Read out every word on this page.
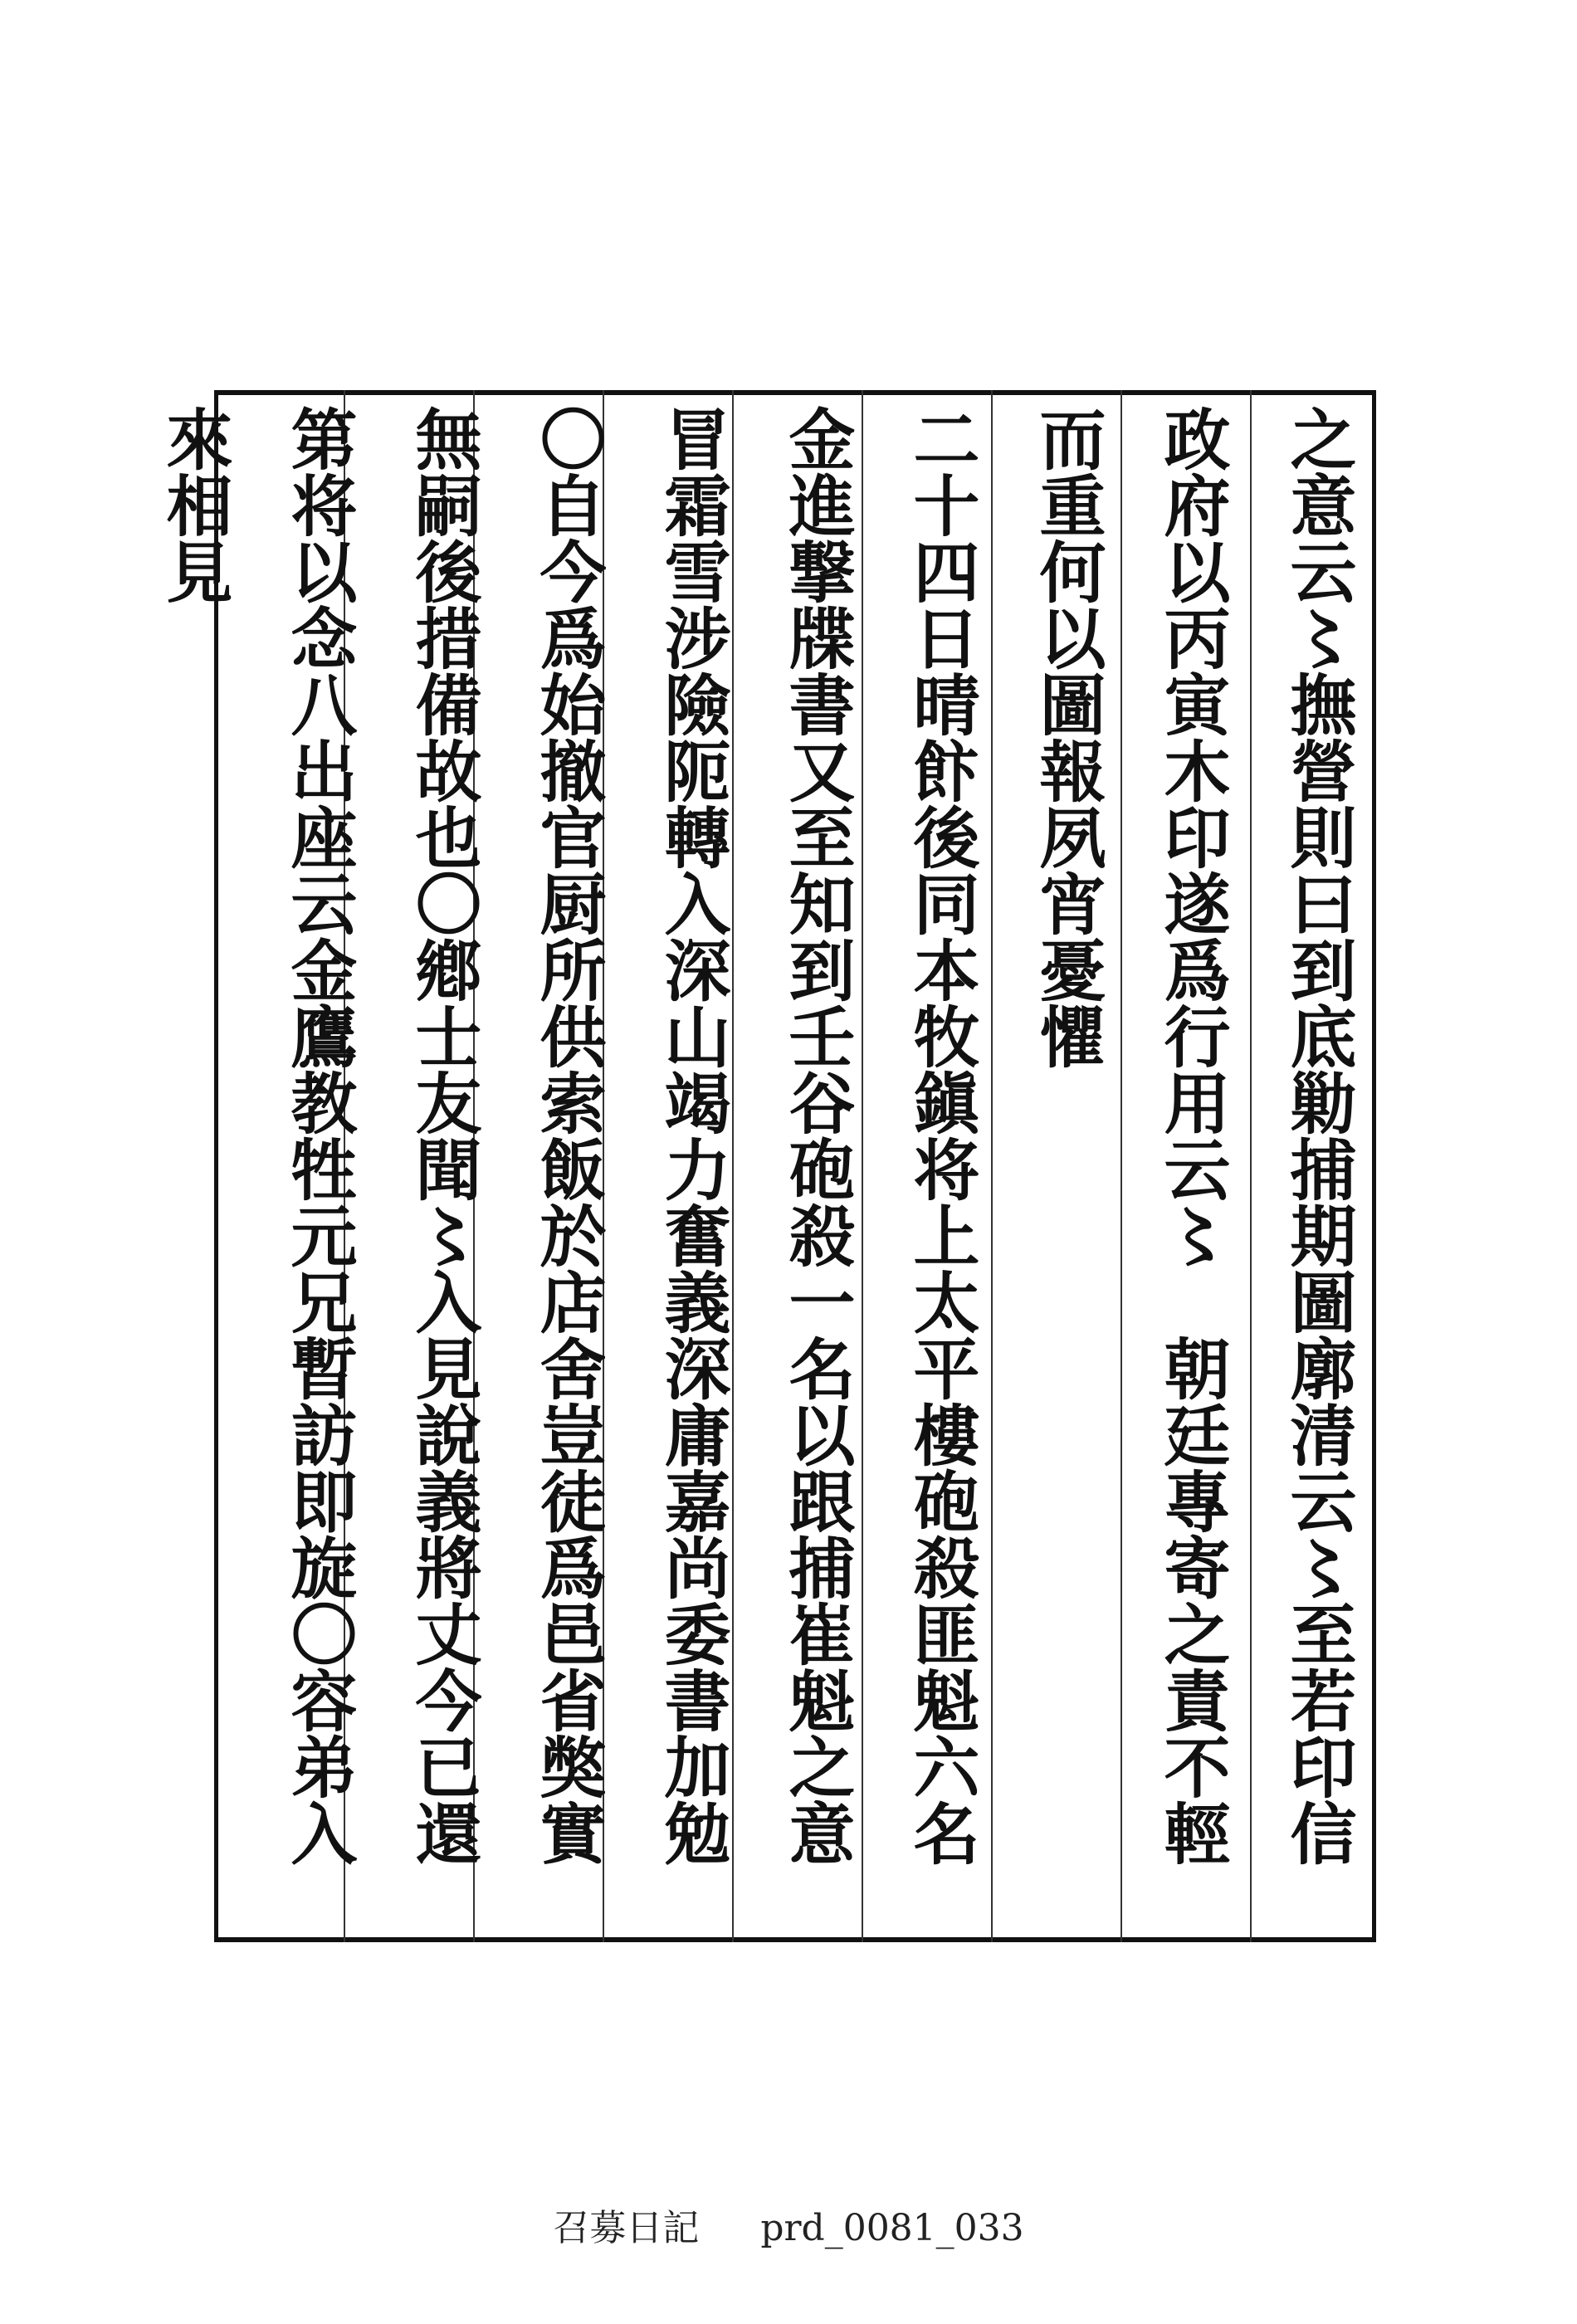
之意云〻撫營則曰到底勦捕期圖廓清云〻至若印信
政府以丙寅木印遂爲行用云〻　朝廷專寄之責不輕
而重何以圖報夙宵憂懼
二十四日晴飰後同本牧鎭将上太平樓砲殺匪魁六名
金進撃牒書又至知到壬谷砲殺一名以跟捕崔魁之意
冒霜雪涉險阨轉入深山竭力奮義深庸嘉尚委書加勉
〇自今爲始撤官厨所供索飯於店舍豈徒爲邑省獘實
無嗣後措備故也〇鄕士友聞〻入見說義將丈今已還
第将以念八出座云金鷹教牲元兄暫訪即旋〇容弟入
來相見
召募日記 prd_0081_033
